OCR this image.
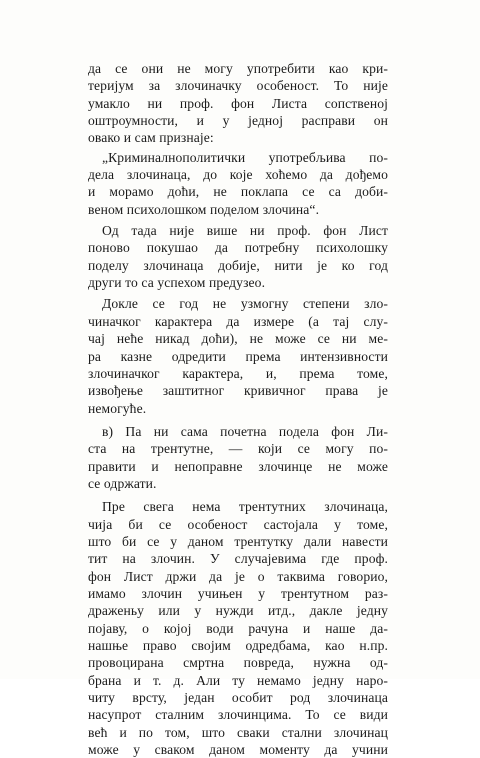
да се они не могу употребити као кри-
теријум за злочиначку особеност. То није
умакло ни проф. фон Листа сопственој
оштроумности, и у једној расправи он
овако и сам признаје:
„Криминалнополитички употребљива по-
дела злочинаца, до које хоћемо да дођемо
и морамо доћи, не поклапа се са доби-
веном психолошком поделом злочина“.
Од тада није више ни проф. фон Лист
поново покушао да потребну психолошку
поделу злочинаца добије, нити је ко год
други то са успехом предузео.
Докле се год не узмогну степени зло-
чиначког карактера да измере (а тај слу-
чај неће никад доћи), не може се ни ме-
ра казне одредити према интензивности
злочиначког карактера, и, према томе,
извођење заштитног кривичног права је
немогуће.
в) Па ни сама почетна подела фон Ли-
ста на трентутне, — који се могу по-
правити и непоправне злочинце не може
се одржати.
Пре свега нема трентутних злочинаца,
чија би се особеност састојала у томе,
што би се у даном трентутку дали навести
тит на злочин. У случајевима где проф.
фон Лист држи да је о таквима говорио,
имамо злочин учињен у трентутном раз-
драженьу или у нужди итд., дакле једну
појаву, о којој води рачуна и наше да-
нашње право својим одредбама, као н.пр.
провоцирана смртна повреда, нужна од-
брана и т. д. Али ту немамо једну наро-
читу врсту, један особит род злочинаца
насупрот сталним злочинцима. То се види
већ и по том, што сваки стални злочинац
може у сваком даном моменту да учини
